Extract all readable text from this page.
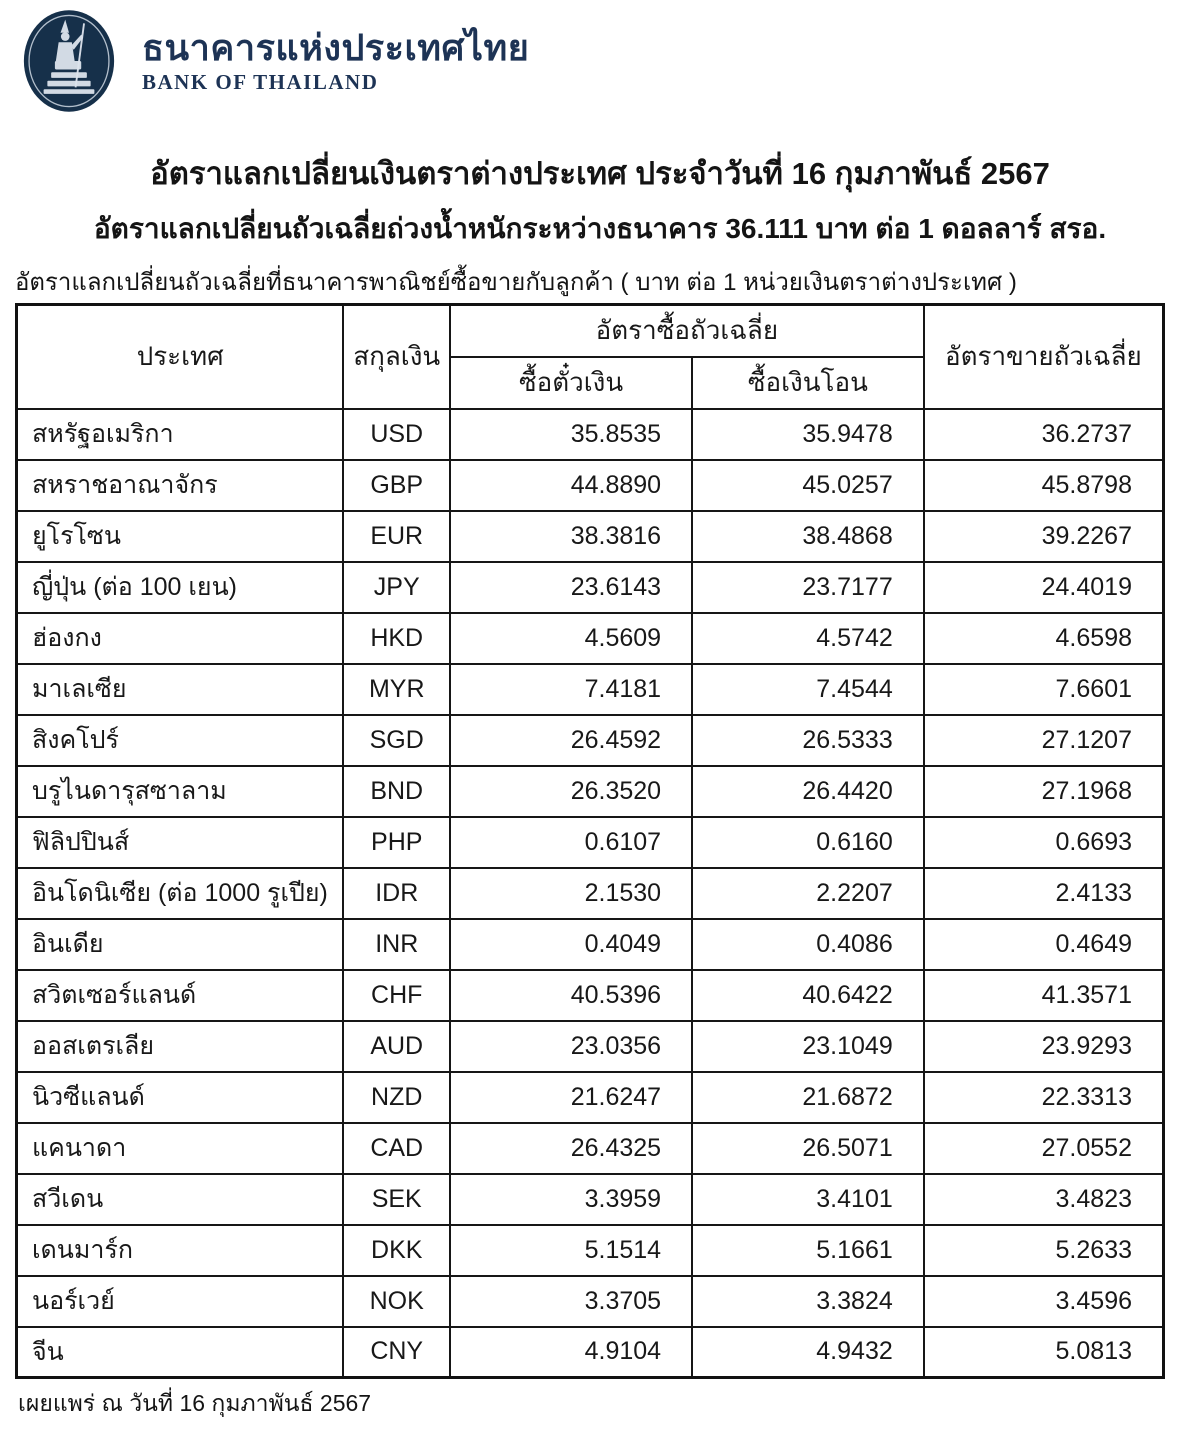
ธนาคารแห่งประเทศไทย
BANK OF THAILAND
อัตราแลกเปลี่ยนเงินตราต่างประเทศ ประจำวันที่ 16 กุมภาพันธ์ 2567
อัตราแลกเปลี่ยนถัวเฉลี่ยถ่วงน้ำหนักระหว่างธนาคาร 36.111 บาท ต่อ 1 ดอลลาร์ สรอ.
อัตราแลกเปลี่ยนถัวเฉลี่ยที่ธนาคารพาณิชย์ซื้อขายกับลูกค้า ( บาท ต่อ 1 หน่วยเงินตราต่างประเทศ )
ประเทศ	สกุลเงิน	อัตราซื้อถัวเฉลี่ย		อัตราขายถัวเฉลี่ย
		ซื้อตั๋วเงิน	ซื้อเงินโอน	
สหรัฐอเมริกา	USD	35.8535	35.9478	36.2737
สหราชอาณาจักร	GBP	44.8890	45.0257	45.8798
ยูโรโซน	EUR	38.3816	38.4868	39.2267
ญี่ปุ่น (ต่อ 100 เยน)	JPY	23.6143	23.7177	24.4019
ฮ่องกง	HKD	4.5609	4.5742	4.6598
มาเลเซีย	MYR	7.4181	7.4544	7.6601
สิงคโปร์	SGD	26.4592	26.5333	27.1207
บรูไนดารุสซาลาม	BND	26.3520	26.4420	27.1968
ฟิลิปปินส์	PHP	0.6107	0.6160	0.6693
อินโดนิเซีย (ต่อ 1000 รูเปีย)	IDR	2.1530	2.2207	2.4133
อินเดีย	INR	0.4049	0.4086	0.4649
สวิตเซอร์แลนด์	CHF	40.5396	40.6422	41.3571
ออสเตรเลีย	AUD	23.0356	23.1049	23.9293
นิวซีแลนด์	NZD	21.6247	21.6872	22.3313
แคนาดา	CAD	26.4325	26.5071	27.0552
สวีเดน	SEK	3.3959	3.4101	3.4823
เดนมาร์ก	DKK	5.1514	5.1661	5.2633
นอร์เวย์	NOK	3.3705	3.3824	3.4596
จีน	CNY	4.9104	4.9432	5.0813
เผยแพร่ ณ วันที่ 16 กุมภาพันธ์ 2567
